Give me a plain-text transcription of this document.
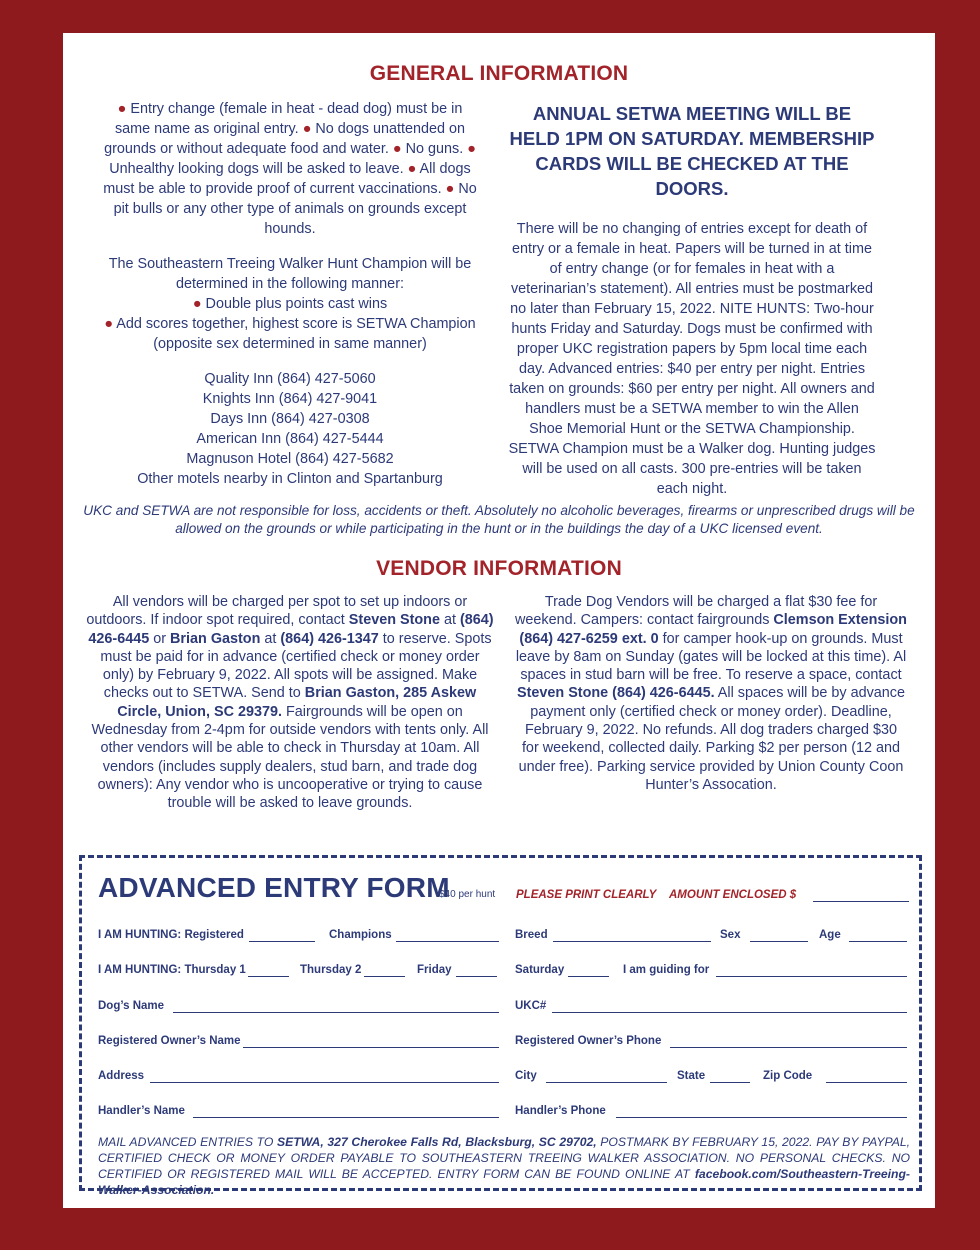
GENERAL INFORMATION

● Entry change (female in heat - dead dog) must be in same name as original entry. ● No dogs unattended on grounds or without adequate food and water. ● No guns. ● Unhealthy looking dogs will be asked to leave. ● All dogs must be able to provide proof of current vaccinations. ● No pit bulls or any other type of animals on grounds except hounds.

The Southeastern Treeing Walker Hunt Champion will be determined in the following manner:

● Double plus points cast wins

● Add scores together, highest score is SETWA Champion (opposite sex determined in same manner)

Quality Inn (864) 427-5060

Knights Inn (864) 427-9041

Days Inn (864) 427-0308

American Inn (864) 427-5444

Magnuson Hotel (864) 427-5682

Other motels nearby in Clinton and Spartanburg

ANNUAL SETWA MEETING WILL BE HELD 1PM ON SATURDAY. MEMBERSHIP CARDS WILL BE CHECKED AT THE DOORS.

There will be no changing of entries except for death of entry or a female in heat. Papers will be turned in at time of entry change (or for females in heat with a veterinarian’s statement). All entries must be postmarked no later than February 15, 2022. NITE HUNTS: Two-hour hunts Friday and Saturday. Dogs must be confirmed with proper UKC registration papers by 5pm local time each day. Advanced entries: $40 per entry per night. Entries taken on grounds: $60 per entry per night. All owners and handlers must be a SETWA member to win the Allen Shoe Memorial Hunt or the SETWA Championship. SETWA Champion must be a Walker dog. Hunting judges will be used on all casts. 300 pre-entries will be taken each night.

UKC and SETWA are not responsible for loss, accidents or theft. Absolutely no alcoholic beverages, firearms or unprescribed drugs will be allowed on the grounds or while participating in the hunt or in the buildings the day of a UKC licensed event.
VENDOR INFORMATION
All vendors will be charged per spot to set up indoors or outdoors. If indoor spot required, contact Steven Stone at (864) 426-6445 or Brian Gaston at (864) 426-1347 to reserve. Spots must be paid for in advance (certified check or money order only) by February 9, 2022. All spots will be assigned. Make checks out to SETWA. Send to Brian Gaston, 285 Askew Circle, Union, SC 29379. Fairgrounds will be open on Wednesday from 2-4pm for outside vendors with tents only. All other vendors will be able to check in Thursday at 10am. All vendors (includes supply dealers, stud barn, and trade dog owners): Any vendor who is uncooperative or trying to cause trouble will be asked to leave grounds.
Trade Dog Vendors will be charged a flat $30 fee for weekend. Campers: contact fairgrounds Clemson Extension (864) 427-6259 ext. 0 for camper hook-up on grounds. Must leave by 8am on Sunday (gates will be locked at this time). Al spaces in stud barn will be free. To reserve a space, contact Steven Stone (864) 426-6445. All spaces will be by advance payment only (certified check or money order). Deadline, February 9, 2022. No refunds. All dog traders charged $30 for weekend, collected daily. Parking $2 per person (12 and under free). Parking service provided by Union County Coon Hunter’s Assocation.
ADVANCED ENTRY FORM
$40 per hunt PLEASE PRINT CLEARLY AMOUNT ENCLOSED $
I AM HUNTING: Registered	Champions	Breed	Sex	Age
I AM HUNTING: Thursday 1	Thursday 2	Friday	Saturday	I am guiding for
Dog’s Name	UKC#
Registered Owner’s Name	Registered Owner’s Phone
Address	City	State	Zip Code
Handler’s Name	Handler’s Phone
MAIL ADVANCED ENTRIES TO SETWA, 327 Cherokee Falls Rd, Blacksburg, SC 29702, POSTMARK BY FEBRUARY 15, 2022. PAY BY PAYPAL, CERTIFIED CHECK OR MONEY ORDER PAYABLE TO SOUTHEASTERN TREEING WALKER ASSOCIATION. NO PERSONAL CHECKS. NO CERTIFIED OR REGISTERED MAIL WILL BE ACCEPTED. ENTRY FORM CAN BE FOUND ONLINE AT facebook.com/Southeastern-Treeing-Walker-Association.
